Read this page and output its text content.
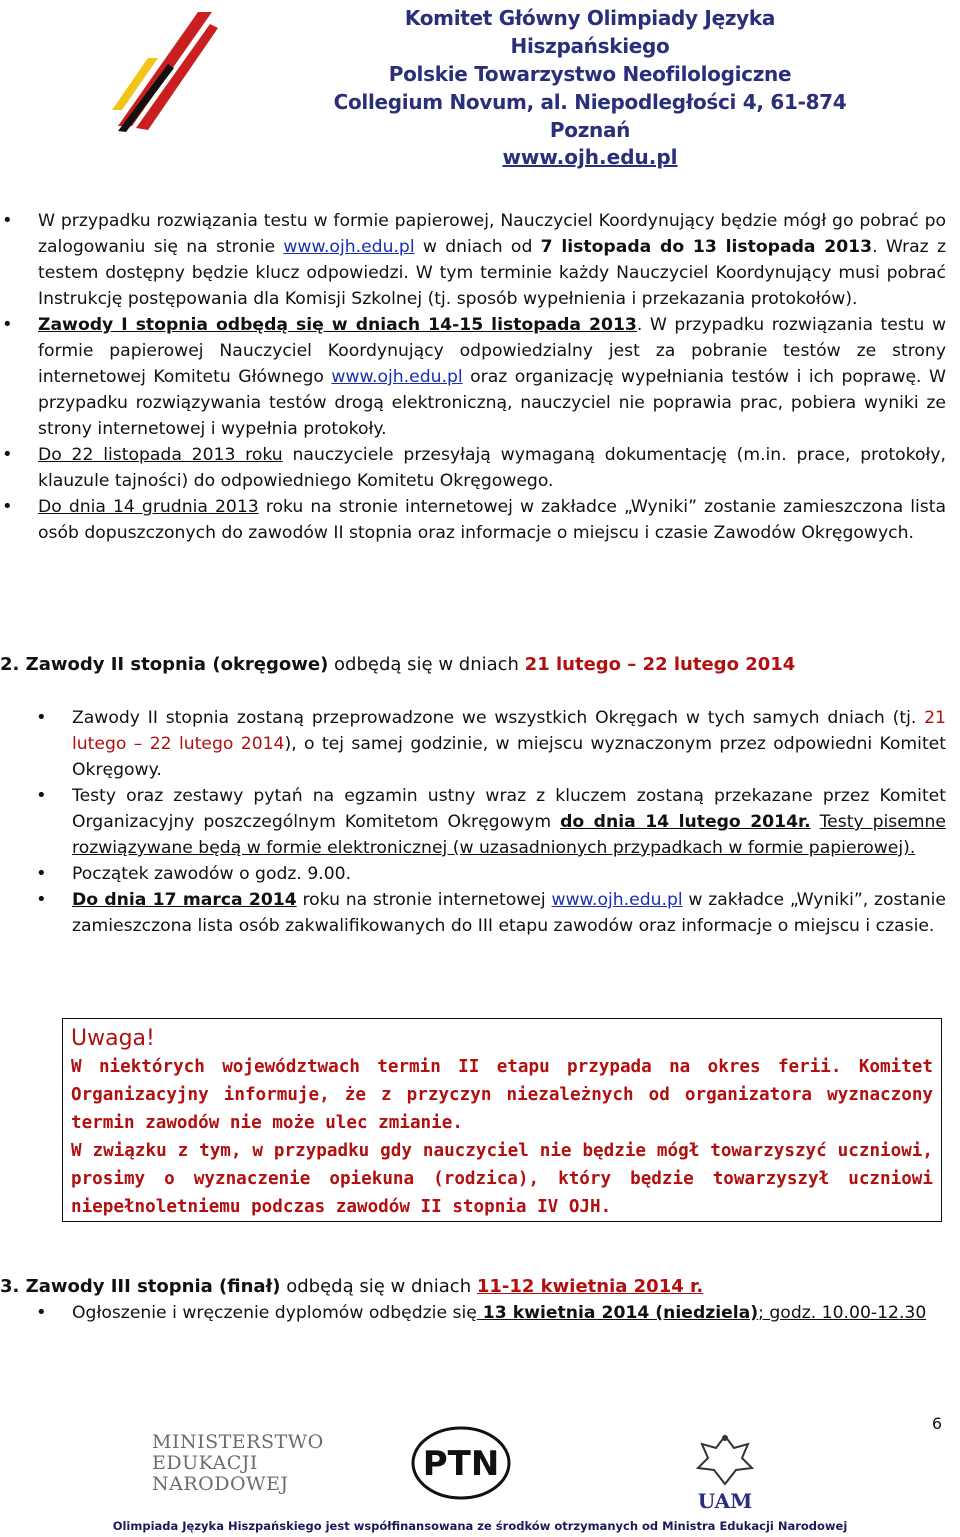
Komitet Główny Olimpiady Języka Hiszpańskiego
Polskie Towarzystwo Neofilologiczne
Collegium Novum, al. Niepodległości 4, 61-874 Poznań
www.ojh.edu.pl
• W przypadku rozwiązania testu w formie papierowej, Nauczyciel Koordynujący będzie mógł go pobrać po zalogowaniu się na stronie www.ojh.edu.pl w dniach od 7 listopada do 13 listopada 2013. Wraz z testem dostępny będzie klucz odpowiedzi. W tym terminie każdy Nauczyciel Koordynujący musi pobrać Instrukcję postępowania dla Komisji Szkolnej (tj. sposób wypełnienia i przekazania protokołów).
• Zawody I stopnia odbędą się w dniach 14-15 listopada 2013. W przypadku rozwiązania testu w formie papierowej Nauczyciel Koordynujący odpowiedzialny jest za pobranie testów ze strony internetowej Komitetu Głównego www.ojh.edu.pl oraz organizację wypełniania testów i ich poprawę. W przypadku rozwiązywania testów drogą elektroniczną, nauczyciel nie poprawia prac, pobiera wyniki ze strony internetowej i wypełnia protokoły.
• Do 22 listopada 2013 roku nauczyciele przesyłają wymaganą dokumentację (m.in. prace, protokoły, klauzule tajności) do odpowiedniego Komitetu Okręgowego.
• Do dnia 14 grudnia 2013 roku na stronie internetowej w zakładce „Wyniki” zostanie zamieszczona lista osób dopuszczonych do zawodów II stopnia oraz informacje o miejscu i czasie Zawodów Okręgowych.
2. Zawody II stopnia (okręgowe) odbędą się w dniach 21 lutego – 22 lutego 2014
• Zawody II stopnia zostaną przeprowadzone we wszystkich Okręgach w tych samych dniach (tj. 21 lutego – 22 lutego 2014), o tej samej godzinie, w miejscu wyznaczonym przez odpowiedni Komitet Okręgowy.
• Testy oraz zestawy pytań na egzamin ustny wraz z kluczem zostaną przekazane przez Komitet Organizacyjny poszczególnym Komitetom Okręgowym do dnia 14 lutego 2014r. Testy pisemne rozwiązywane będą w formie elektronicznej (w uzasadnionych przypadkach w formie papierowej).
• Początek zawodów o godz. 9.00.
• Do dnia 17 marca 2014 roku na stronie internetowej www.ojh.edu.pl w zakładce „Wyniki”, zostanie zamieszczona lista osób zakwalifikowanych do III etapu zawodów oraz informacje o miejscu i czasie.
Uwaga!
W niektórych województwach termin II etapu przypada na okres ferii. Komitet Organizacyjny informuje, że z przyczyn niezależnych od organizatora wyznaczony termin zawodów nie może ulec zmianie.
W związku z tym, w przypadku gdy nauczyciel nie będzie mógł towarzyszyć uczniowi, prosimy o wyznaczenie opiekuna (rodzica), który będzie towarzyszył uczniowi niepełnoletniemu podczas zawodów II stopnia IV OJH.
3. Zawody III stopnia (finał) odbędą się w dniach 11-12 kwietnia 2014 r.
• Ogłoszenie i wręczenie dyplomów odbędzie się 13 kwietnia 2014 (niedziela); godz. 10.00-12.30
6
MINISTERSTWO
EDUKACJI
NARODOWEJ	PTN
UAM
Olimpiada Języka Hiszpańskiego jest współfinansowana ze środków otrzymanych od Ministra Edukacji Narodowej
